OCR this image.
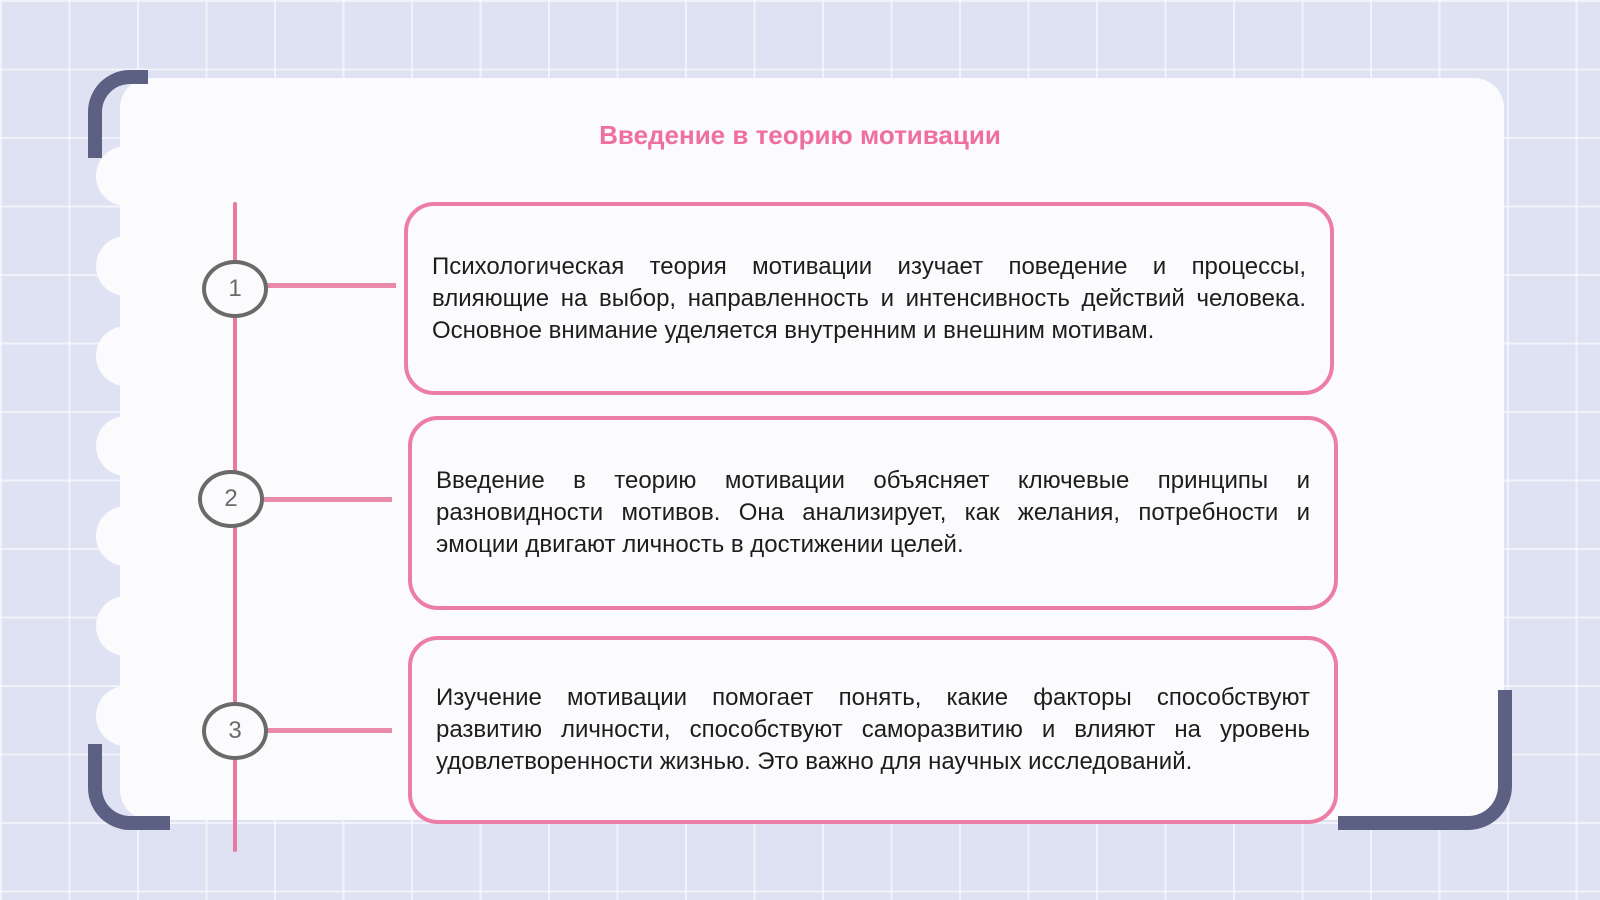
Введение в теорию мотивации
1

Психологическая теория мотивации изучает поведение и процессы, влияющие на выбор, направленность и интенсивность действий человека. Основное внимание уделяется внутренним и внешним мотивам.

2

Введение в теорию мотивации объясняет ключевые принципы и разновидности мотивов. Она анализирует, как желания, потребности и эмоции двигают личность в достижении целей.

3

Изучение мотивации помогает понять, какие факторы способствуют развитию личности, способствуют саморазвитию и влияют на уровень удовлетворенности жизнью. Это важно для научных исследований.
